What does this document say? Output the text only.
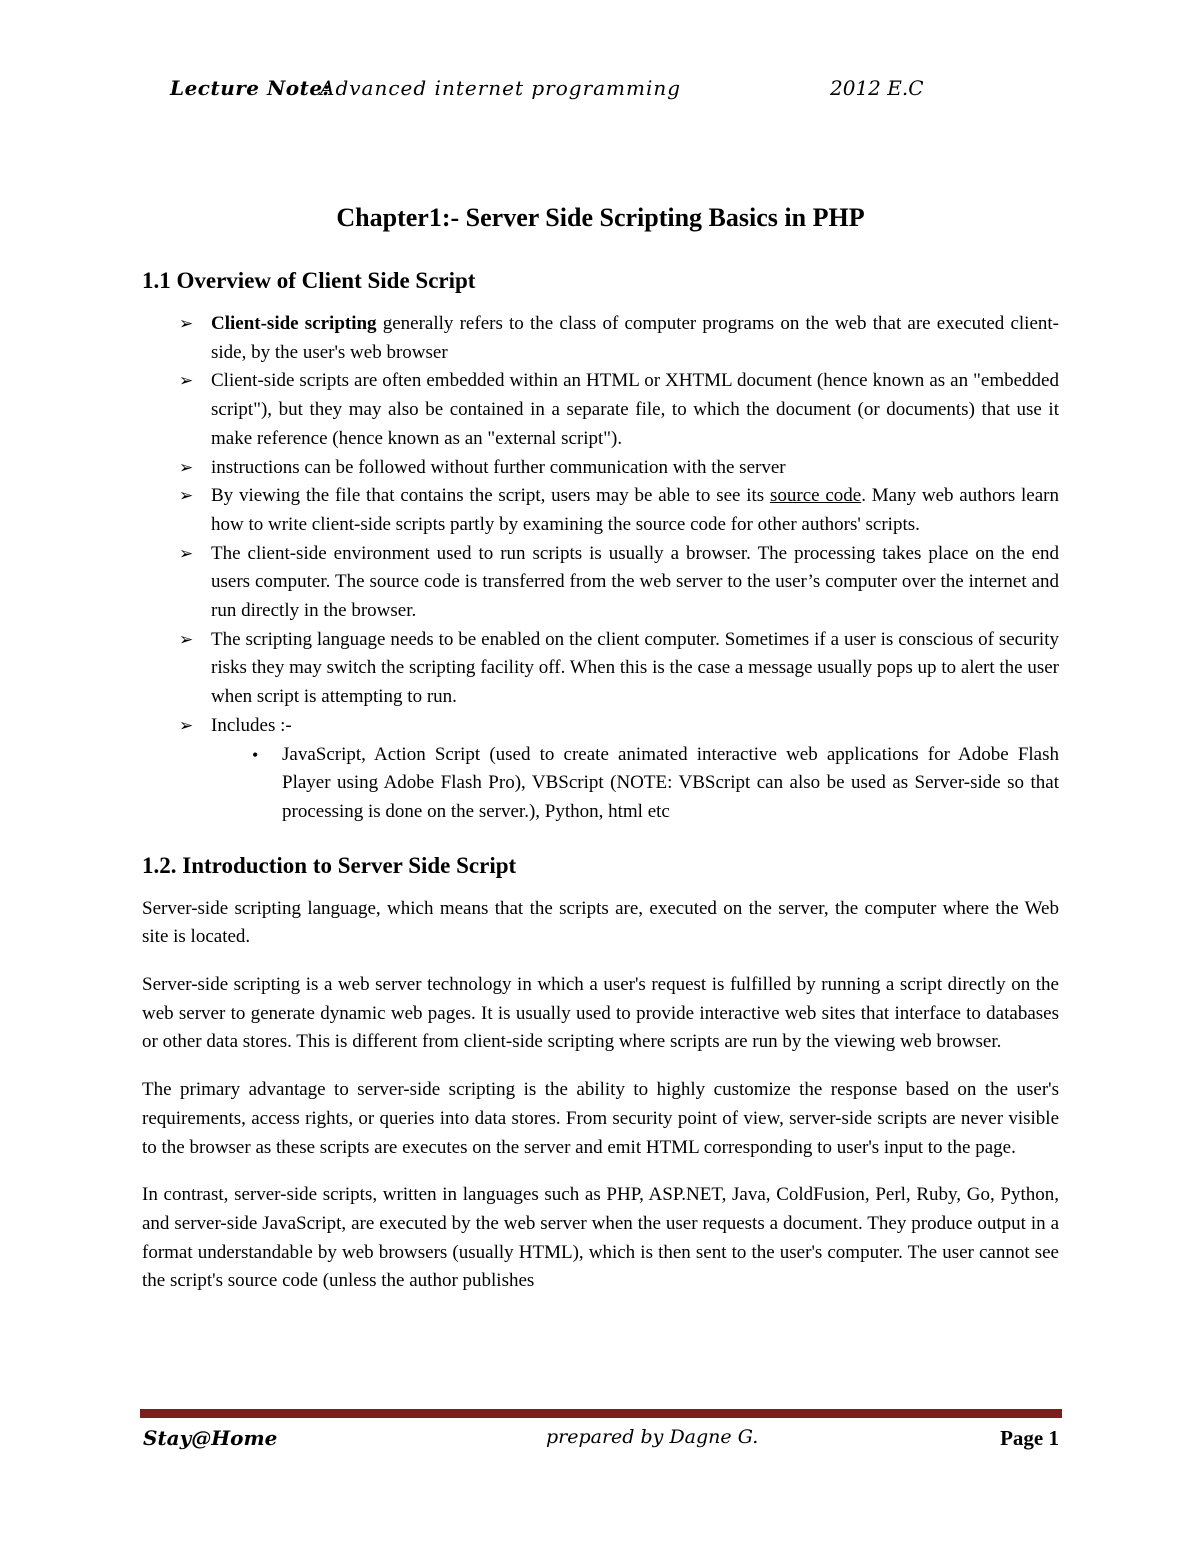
Lecture Note:
Advanced internet programming	2012 E.C
Chapter1:- Server Side Scripting Basics in PHP
1.1 Overview of Client Side Script
➢ Client-side scripting generally refers to the class of computer programs on the web that are executed client-side, by the user's web browser
➢ Client-side scripts are often embedded within an HTML or XHTML document (hence known as an "embedded script"), but they may also be contained in a separate file, to which the document (or documents) that use it make reference (hence known as an "external script").
➢ instructions can be followed without further communication with the server
➢ By viewing the file that contains the script, users may be able to see its source code. Many web authors learn how to write client-side scripts partly by examining the source code for other authors' scripts.
➢ The client-side environment used to run scripts is usually a browser. The processing takes place on the end users computer. The source code is transferred from the web server to the user’s computer over the internet and run directly in the browser.
➢ The scripting language needs to be enabled on the client computer. Sometimes if a user is conscious of security risks they may switch the scripting facility off. When this is the case a message usually pops up to alert the user when script is attempting to run.
➢ Includes :-
• JavaScript, Action Script (used to create animated interactive web applications for Adobe Flash Player using Adobe Flash Pro), VBScript (NOTE: VBScript can also be used as Server-side so that processing is done on the server.), Python, html etc
1.2. Introduction to Server Side Script

Server-side scripting language, which means that the scripts are, executed on the server, the computer where the Web site is located.

Server-side scripting is a web server technology in which a user's request is fulfilled by running a script directly on the web server to generate dynamic web pages. It is usually used to provide interactive web sites that interface to databases or other data stores. This is different from client-side scripting where scripts are run by the viewing web browser.

The primary advantage to server-side scripting is the ability to highly customize the response based on the user's requirements, access rights, or queries into data stores. From security point of view, server-side scripts are never visible to the browser as these scripts are executes on the server and emit HTML corresponding to user's input to the page.

In contrast, server-side scripts, written in languages such as PHP, ASP.NET, Java, ColdFusion, Perl, Ruby, Go, Python, and server-side JavaScript, are executed by the web server when the user requests a document. They produce output in a format understandable by web browsers (usually HTML), which is then sent to the user's computer. The user cannot see the script's source code (unless the author publishes

Stay@Home	prepared by Dagne G.	Page 1
